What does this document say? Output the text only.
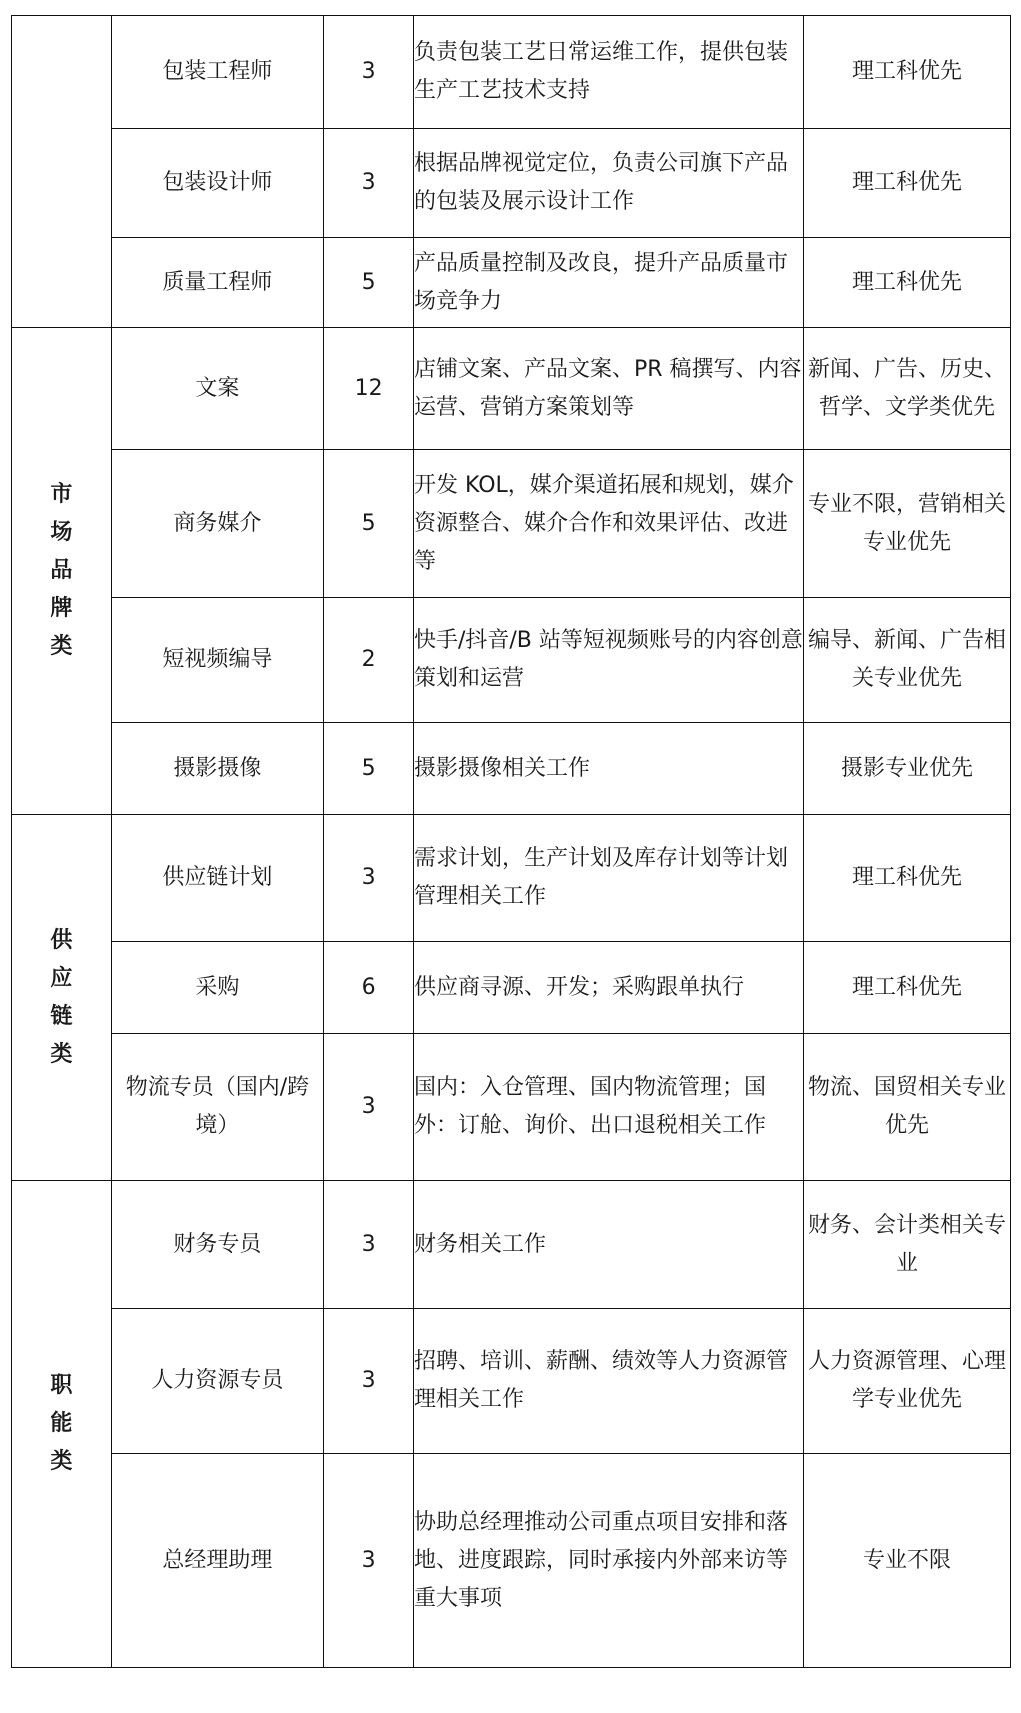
	包装工程师	3	负责包装工艺日常运维工作，提供包装生产工艺技术支持	理工科优先
	包装设计师	3	根据品牌视觉定位，负责公司旗下产品的包装及展示设计工作	理工科优先
	质量工程师	5	产品质量控制及改良，提升产品质量市场竞争力	理工科优先
市场品牌类	文案	12	店铺文案、产品文案、PR 稿撰写、内容运营、营销方案策划等	新闻、广告、历史、哲学、文学类优先
	商务媒介	5	开发 KOL，媒介渠道拓展和规划，媒介资源整合、媒介合作和效果评估、改进等	专业不限，营销相关专业优先
	短视频编导	2	快手/抖音/B 站等短视频账号的内容创意策划和运营	编导、新闻、广告相关专业优先
	摄影摄像	5	摄影摄像相关工作	摄影专业优先
供应链类	供应链计划	3	需求计划，生产计划及库存计划等计划管理相关工作	理工科优先
	采购	6	供应商寻源、开发；采购跟单执行	理工科优先
	物流专员（国内/跨境）	3	国内：入仓管理、国内物流管理；国外：订舱、询价、出口退税相关工作	物流、国贸相关专业优先
职能类	财务专员	3	财务相关工作	财务、会计类相关专业
	人力资源专员	3	招聘、培训、薪酬、绩效等人力资源管理相关工作	人力资源管理、心理学专业优先
	总经理助理	3	协助总经理推动公司重点项目安排和落地、进度跟踪，同时承接内外部来访等重大事项	专业不限
